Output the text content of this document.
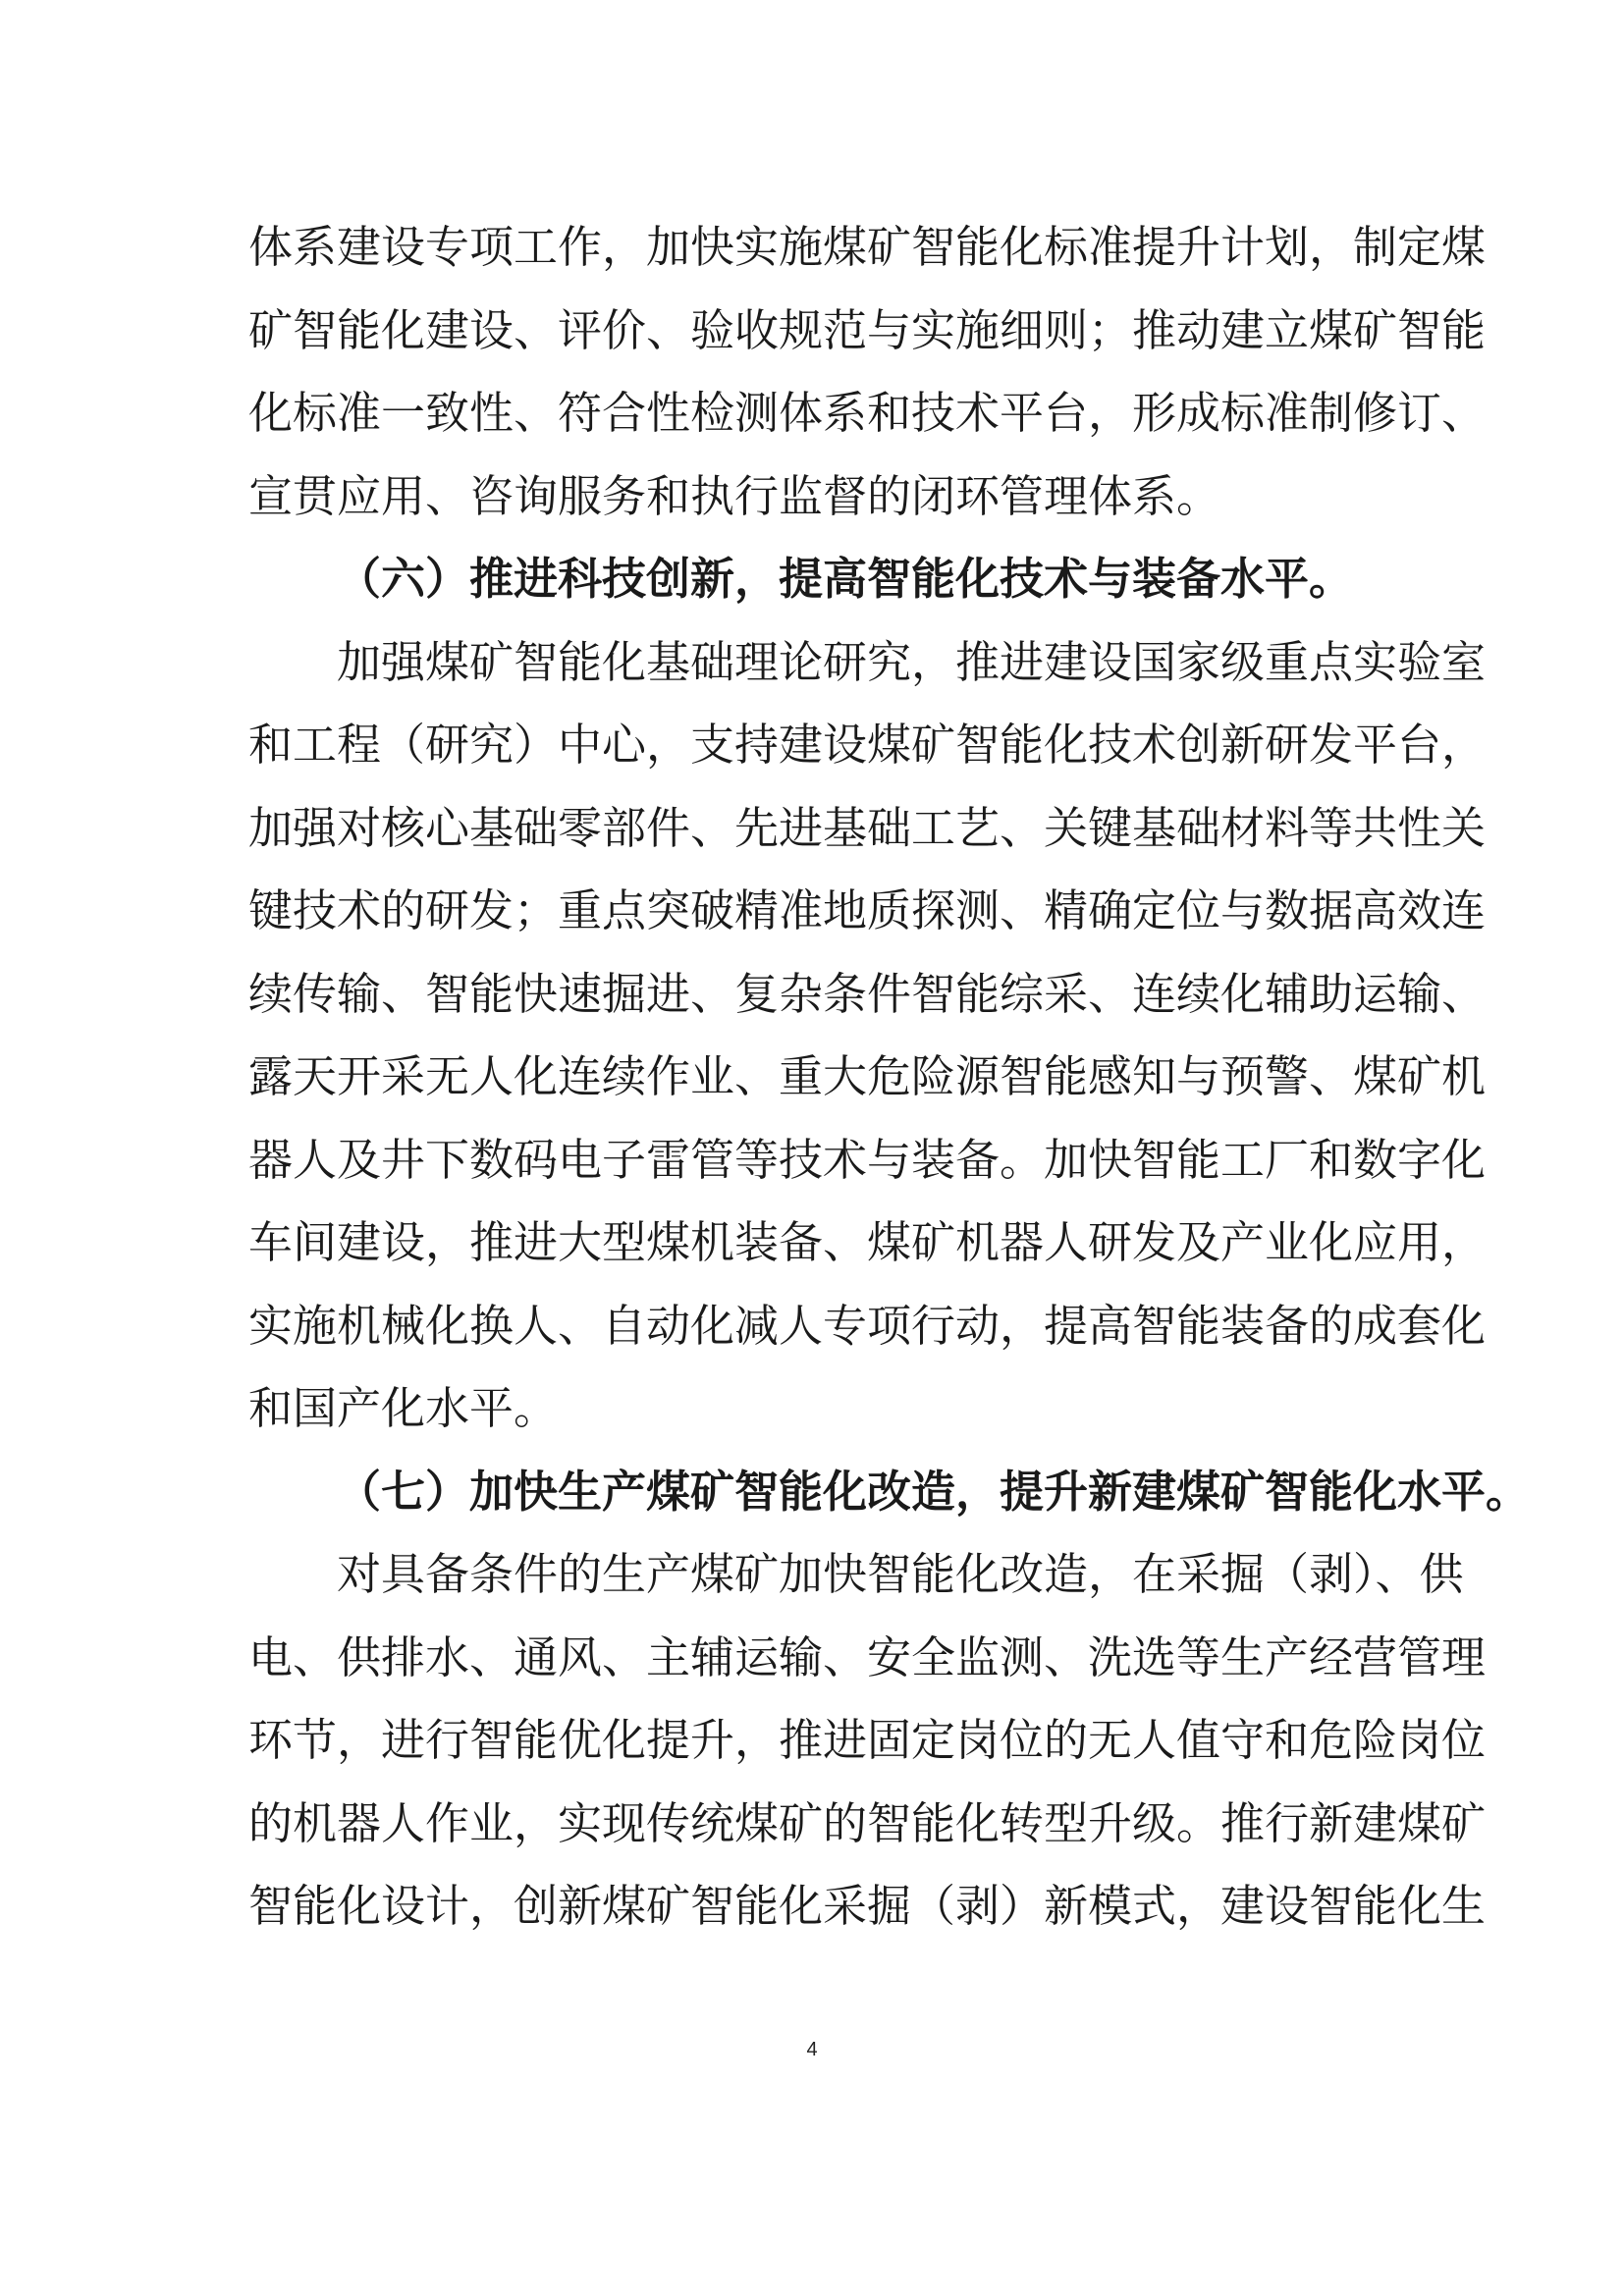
体系建设专项工作，加快实施煤矿智能化标准提升计划，制定煤
矿智能化建设、评价、验收规范与实施细则；推动建立煤矿智能
化标准一致性、符合性检测体系和技术平台，形成标准制修订、
宣贯应用、咨询服务和执行监督的闭环管理体系。
（六）推进科技创新，提高智能化技术与装备水平。
加强煤矿智能化基础理论研究，推进建设国家级重点实验室
和工程（研究）中心，支持建设煤矿智能化技术创新研发平台，
加强对核心基础零部件、先进基础工艺、关键基础材料等共性关
键技术的研发；重点突破精准地质探测、精确定位与数据高效连
续传输、智能快速掘进、复杂条件智能综采、连续化辅助运输、
露天开采无人化连续作业、重大危险源智能感知与预警、煤矿机
器人及井下数码电子雷管等技术与装备。加快智能工厂和数字化
车间建设，推进大型煤机装备、煤矿机器人研发及产业化应用，
实施机械化换人、自动化减人专项行动，提高智能装备的成套化
和国产化水平。
（七）加快生产煤矿智能化改造，提升新建煤矿智能化水平。
对具备条件的生产煤矿加快智能化改造，在采掘（剥）、供
电、供排水、通风、主辅运输、安全监测、洗选等生产经营管理
环节，进行智能优化提升，推进固定岗位的无人值守和危险岗位
的机器人作业，实现传统煤矿的智能化转型升级。推行新建煤矿
智能化设计，创新煤矿智能化采掘（剥）新模式，建设智能化生
4
